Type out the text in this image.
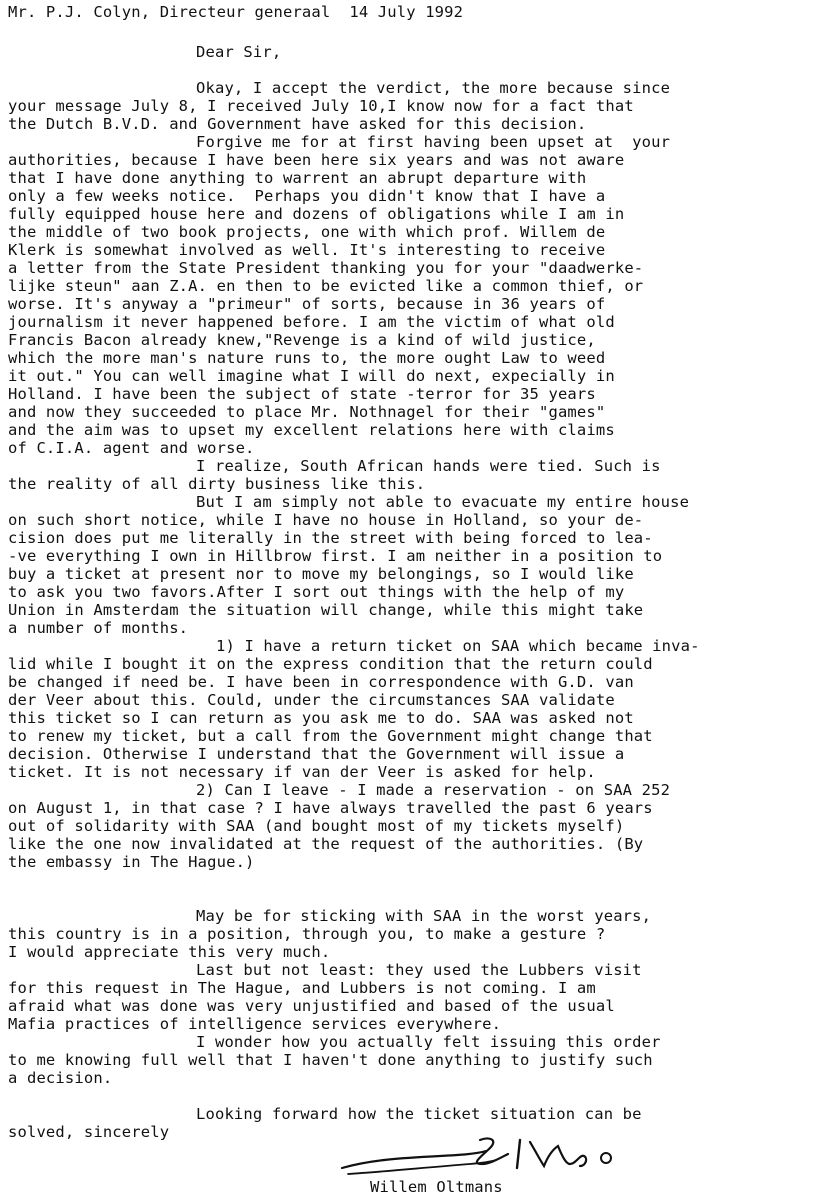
Mr. P.J. Colyn, Directeur generaal  14 July 1992
Dear Sir,
Okay, I accept the verdict, the more because since
your message July 8, I received July 10,I know now for a fact that
the Dutch B.V.D. and Government have asked for this decision.
Forgive me for at first having been upset at  your
authorities, because I have been here six years and was not aware
that I have done anything to warrent an abrupt departure with
only a few weeks notice.  Perhaps you didn't know that I have a
fully equipped house here and dozens of obligations while I am in
the middle of two book projects, one with which prof. Willem de
Klerk is somewhat involved as well. It's interesting to receive
a letter from the State President thanking you for your "daadwerke-
lijke steun" aan Z.A. en then to be evicted like a common thief, or
worse. It's anyway a "primeur" of sorts, because in 36 years of
journalism it never happened before. I am the victim of what old
Francis Bacon already knew,"Revenge is a kind of wild justice,
which the more man's nature runs to, the more ought Law to weed
it out." You can well imagine what I will do next, expecially in
Holland. I have been the subject of state -terror for 35 years
and now they succeeded to place Mr. Nothnagel for their "games"
and the aim was to upset my excellent relations here with claims
of C.I.A. agent and worse.
I realize, South African hands were tied. Such is
the reality of all dirty business like this.
But I am simply not able to evacuate my entire house
on such short notice, while I have no house in Holland, so your de-
cision does put me literally in the street with being forced to lea-
-ve everything I own in Hillbrow first. I am neither in a position to
buy a ticket at present nor to move my belongings, so I would like
to ask you two favors.After I sort out things with the help of my
Union in Amsterdam the situation will change, while this might take
a number of months.
1) I have a return ticket on SAA which became inva-
lid while I bought it on the express condition that the return could
be changed if need be. I have been in correspondence with G.D. van
der Veer about this. Could, under the circumstances SAA validate
this ticket so I can return as you ask me to do. SAA was asked not
to renew my ticket, but a call from the Government might change that
decision. Otherwise I understand that the Government will issue a
ticket. It is not necessary if van der Veer is asked for help.
2) Can I leave - I made a reservation - on SAA 252
on August 1, in that case ? I have always travelled the past 6 years
out of solidarity with SAA (and bought most of my tickets myself)
like the one now invalidated at the request of the authorities. (By
the embassy in The Hague.)
May be for sticking with SAA in the worst years,
this country is in a position, through you, to make a gesture ?
I would appreciate this very much.
Last but not least: they used the Lubbers visit
for this request in The Hague, and Lubbers is not coming. I am
afraid what was done was very unjustified and based of the usual
Mafia practices of intelligence services everywhere.
I wonder how you actually felt issuing this order
to me knowing full well that I haven't done anything to justify such
a decision.
Looking forward how the ticket situation can be
solved, sincerely
Willem Oltmans
